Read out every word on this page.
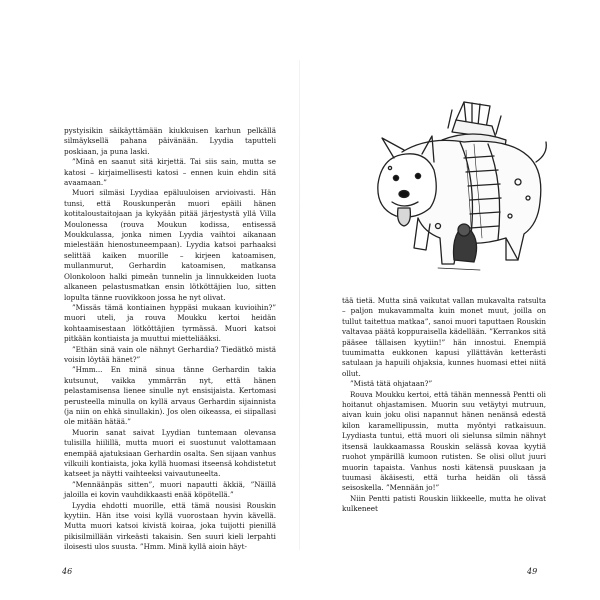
pystyisikin säikäyttämään kiukkuisen karhun pelkällä silmäyksellä pahana päivänään. Lyydia taputteli poskiaan, ja puna laski.

”Minä en saanut sitä kirjettä. Tai siis sain, mutta se katosi – kirjaimellisesti katosi – ennen kuin ehdin sitä avaamaan.”

Muori silmäsi Lyydiaa epäluuloisen arvioivasti. Hän tunsi, että Rouskunperän muori epäili hänen kotitaloustaitojaan ja kykyään pitää järjestystä yllä Villa Moulonessa (rouva Moukun kodissa, entisessä Moukkulassa, jonka nimen Lyydia vaihtoi aikanaan mielestään hienostuneempaan). Lyydia katsoi parhaaksi selittää kaiken muorille – kirjeen katoamisen, mullanmurut, Gerhardin katoamisen, matkansa Olonkoloon halki pimeän tunnelin ja linnukkeiden luota alkaneen pelastusmatkan ensin lötköttäjien luo, sitten lopulta tänne ruovikkoon jossa he nyt olivat.

”Missäs tämä kontiainen hyppäsi mukaan kuvioihin?” muori uteli, ja rouva Moukku kertoi heidän kohtaamisestaan lötköttäjien tyrmässä. Muori katsoi pitkään kontiaista ja muuttui mietteliääksi.

”Ethän sinä vain ole nähnyt Gerhardia? Tiedätkö mistä voisin löytää hänet?”

”Hmm... En minä sinua tänne Gerhardin takia kutsunut, vaikka ymmärrän nyt, että hänen pelastamisensa lienee sinulle nyt ensisijaista. Kertomasi perusteella minulla on kyllä arvaus Gerhardin sijainnista (ja niin on ehkä sinullakin). Jos olen oikeassa, ei siipallasi ole mitään hätää.”

Muorin sanat saivat Lyydian tuntemaan olevansa tulisilla hiilillä, mutta muori ei suostunut valottamaan enempää ajatuksiaan Gerhardin osalta. Sen sijaan vanhus vilkuili kontiaista, joka kyllä huomasi itseensä kohdistetut katseet ja näytti vaihteeksi vaivautuneelta.

”Mennäänpäs sitten”, muori napautti äkkiä, ”Näillä jaloilla ei kovin vauhdikkaasti enää köpötellä.”

Lyydia ehdotti muorille, että tämä nousisi Rouskin kyytiin. Hän itse voisi kyllä vuorostaan hyvin kävellä. Mutta muori katsoi kivistä koiraa, joka tuijotti pienillä pikisilmillään virkeästi takaisin. Sen suuri kieli lerpahti iloisesti ulos suusta. ”Hmm. Minä kyllä aioin häyt-

tää tietä. Mutta sinä vaikutat vallan mukavalta ratsulta – paljon mukavammalta kuin monet muut, joilla on tullut taitettua matkaa”, sanoi muori taputtaen Rouskin valtavaa päätä koppuraisella kädellään. ”Kerrankos sitä pääsee tällaisen kyytiin!” hän innostui. Enempiä tuumimatta eukkonen kapusi yllättävän ketterästi satulaan ja hapuili ohjaksia, kunnes huomasi ettei niitä ollut.

”Mistä tätä ohjataan?”

Rouva Moukku kertoi, että tähän mennessä Pentti oli hoitanut ohjastamisen. Muorin suu vetäytyi mutruun, aivan kuin joku olisi napannut hänen nenänsä edestä kilon karamellipussin, mutta myöntyi ratkaisuun. Lyydiasta tuntui, että muori oli sielunsa silmin nähnyt itsensä laukkaamassa Rouskin selässä kovaa kyytiä ruohot ympärillä kumoon rutisten. Se olisi ollut juuri muorin tapaista. Vanhus nosti kätensä puuskaan ja tuumasi äkäisesti, että turha heidän oli tässä seisoskella. ”Mennään jo!”

Niin Pentti patisti Rouskin liikkeelle, mutta he olivat kulkeneet

46	49
